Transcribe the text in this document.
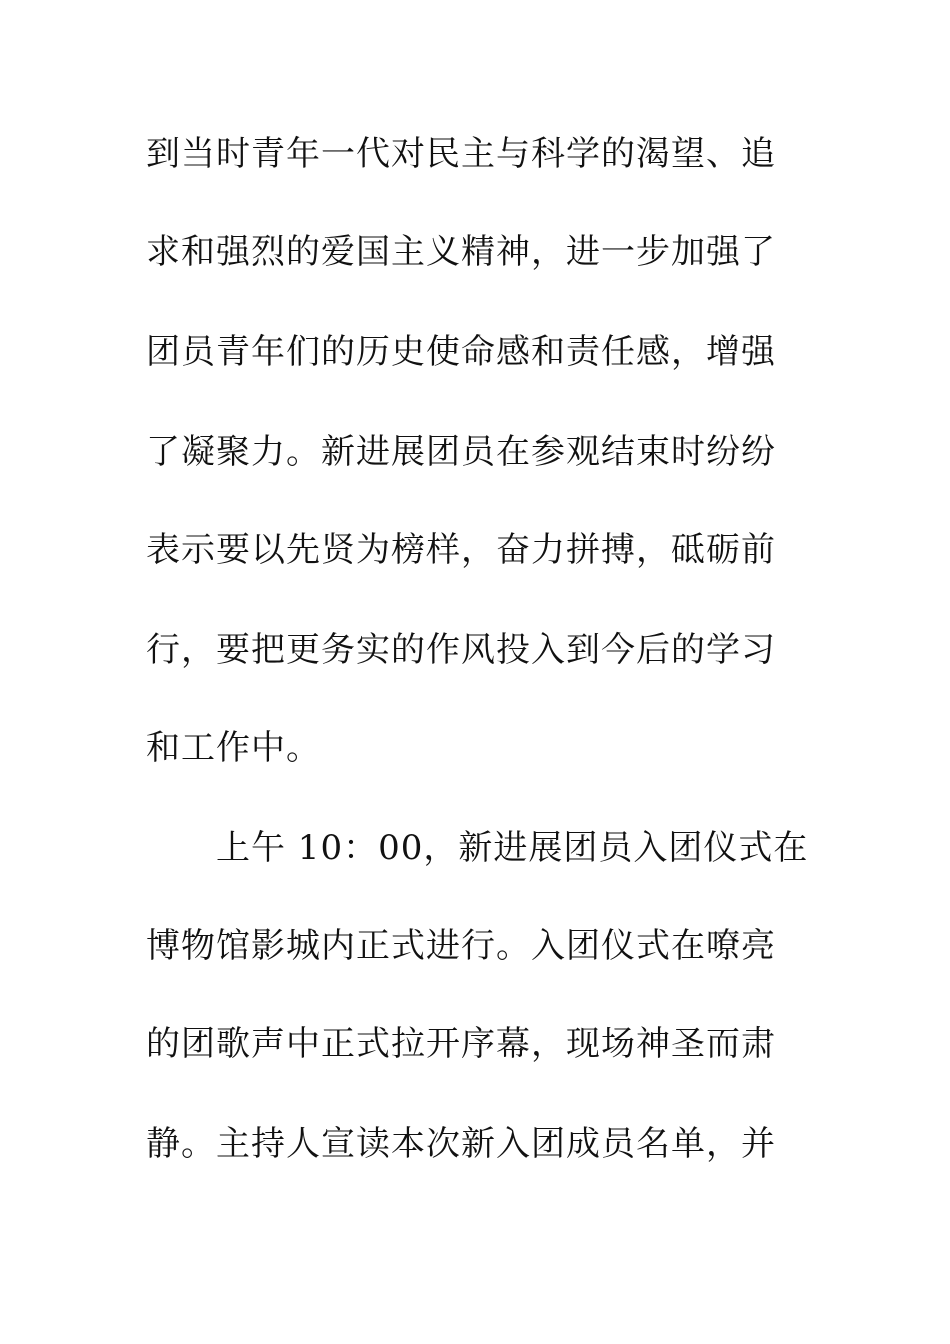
到当时青年一代对民主与科学的渴望、追
求和强烈的爱国主义精神，进一步加强了
团员青年们的历史使命感和责任感，增强
了凝聚力。新进展团员在参观结束时纷纷
表示要以先贤为榜样，奋力拼搏，砥砺前
行，要把更务实的作风投入到今后的学习
和工作中。
上午 10：00，新进展团员入团仪式在
博物馆影城内正式进行。入团仪式在嘹亮
的团歌声中正式拉开序幕，现场神圣而肃
静。主持人宣读本次新入团成员名单，并
